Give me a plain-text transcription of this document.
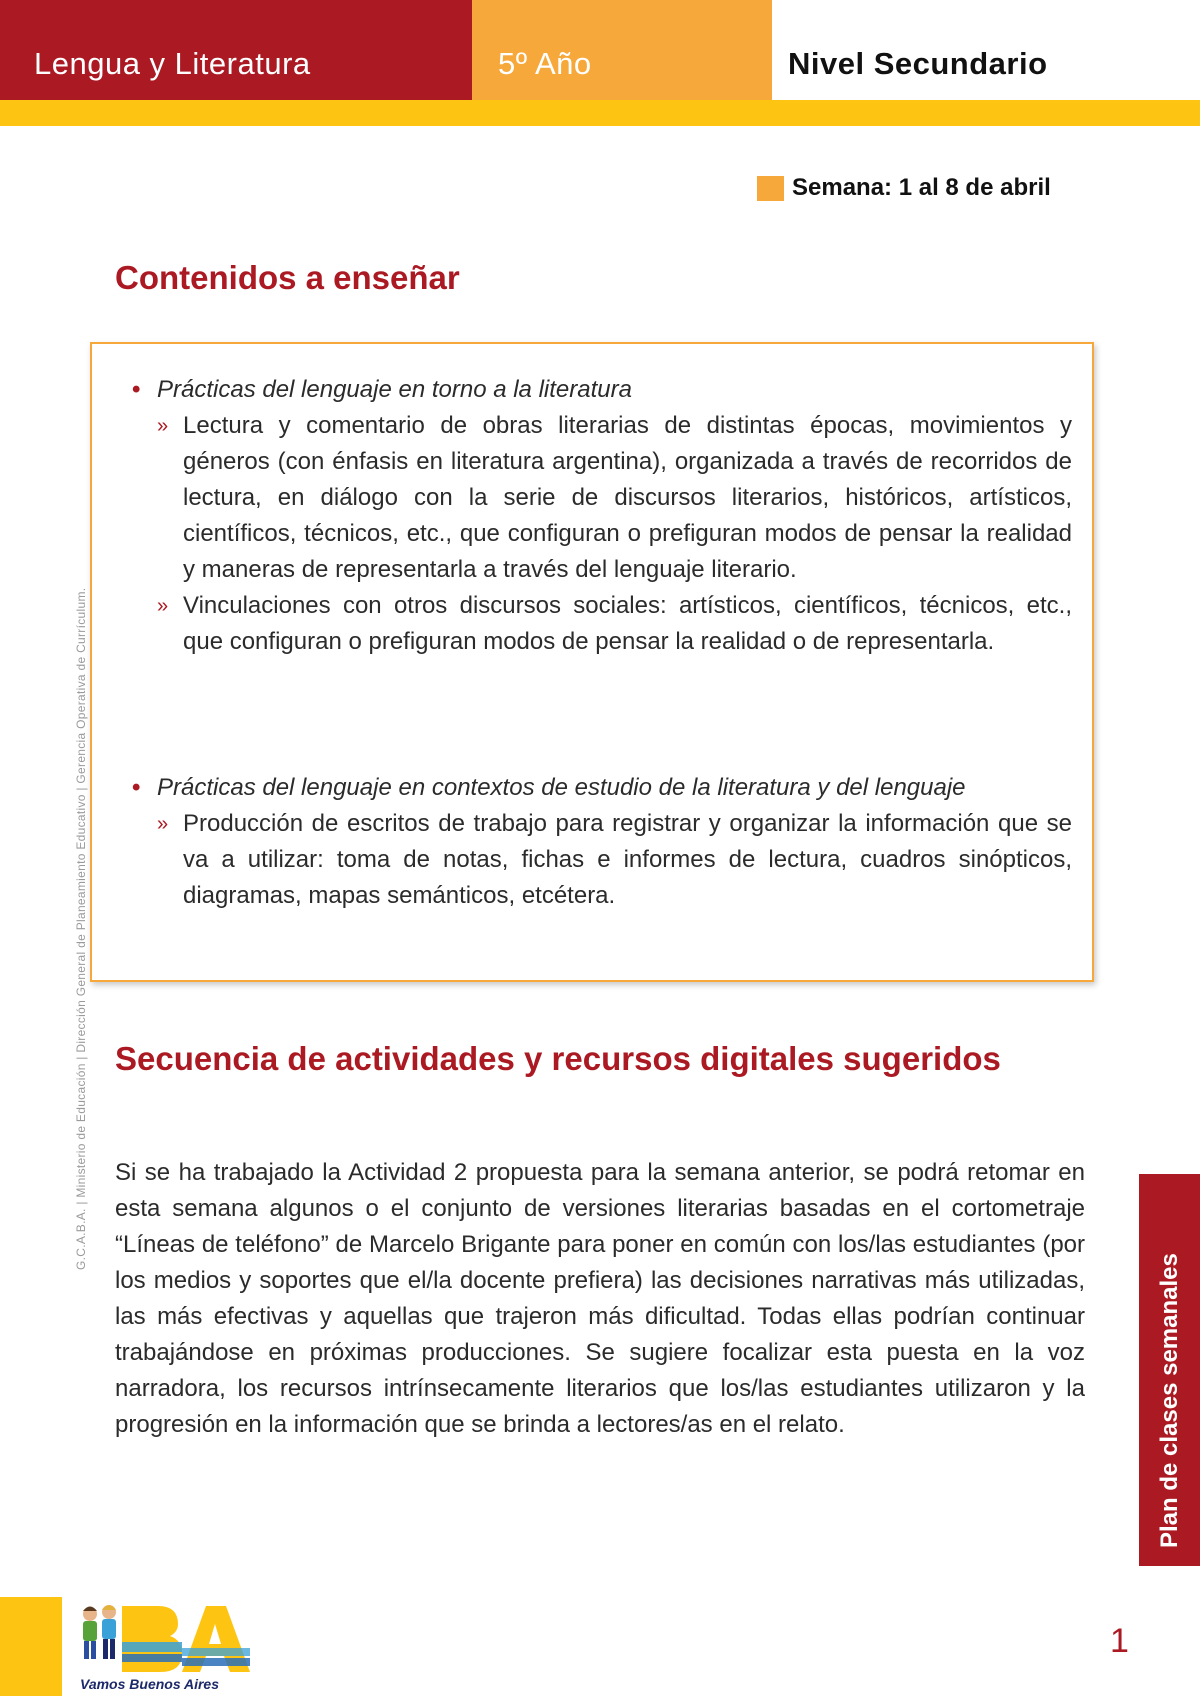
Lengua y Literatura	5º Año	Nivel Secundario
Semana: 1 al 8 de abril
Contenidos a enseñar
• Prácticas del lenguaje en torno a la literatura
» Lectura y comentario de obras literarias de distintas épocas, movimientos y géneros (con énfasis en literatura argentina), organizada a través de recorridos de lectura, en diálogo con la serie de discursos literarios, históricos, artísticos, científicos, técnicos, etc., que configuran o prefiguran modos de pensar la realidad y maneras de representarla a través del lenguaje literario.
» Vinculaciones con otros discursos sociales: artísticos, científicos, técnicos, etc., que configuran o prefiguran modos de pensar la realidad o de representarla.
• Prácticas del lenguaje en contextos de estudio de la literatura y del lenguaje
» Producción de escritos de trabajo para registrar y organizar la información que se va a utilizar: toma de notas, fichas e informes de lectura, cuadros sinópticos, diagramas, mapas semánticos, etcétera.
Secuencia de actividades y recursos digitales sugeridos

Si se ha trabajado la Actividad 2 propuesta para la semana anterior, se podrá retomar en esta semana algunos o el conjunto de versiones literarias basadas en el cortometraje “Líneas de teléfono” de Marcelo Brigante para poner en común con los/las estudiantes (por los medios y soportes que el/la docente prefiera) las decisiones narrativas más utilizadas, las más efectivas y aquellas que trajeron más dificultad. Todas ellas podrían continuar trabajándose en próximas producciones. Se sugiere focalizar esta puesta en la voz narradora, los recursos intrínsecamente literarios que los/las estudiantes utilizaron y la progresión en la información que se brinda a lectores/as en el relato.

G.C.A.B.A. | Ministerio de Educación | Dirección General de Planeamiento Educativo | Gerencia Operativa de Currículum.
Plan de clases semanales
1
Vamos Buenos Aires
